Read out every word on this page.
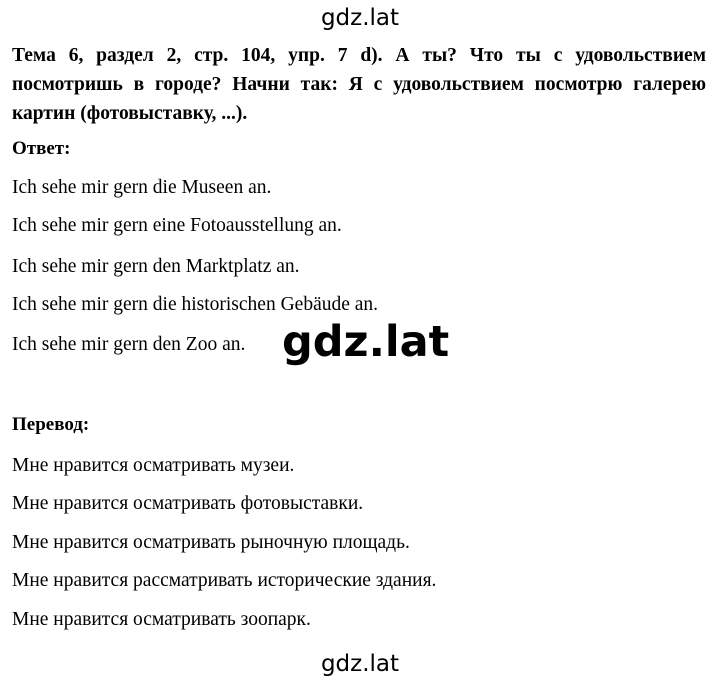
gdz.lat
Тема 6, раздел 2, стр. 104, упр. 7 d). А ты? Что ты с удовольствием посмотришь в городе? Начни так: Я с удовольствием посмотрю галерею картин (фотовыставку, ...).
Ответ:
Ich sehe mir gern die Museen an.
Ich sehe mir gern eine Fotoausstellung an.
Ich sehe mir gern den Marktplatz an.
Ich sehe mir gern die historischen Gebäude an.
Ich sehe mir gern den Zoo an. gdz.lat
Перевод:
Мне нравится осматривать музеи.
Мне нравится осматривать фотовыставки.
Мне нравится осматривать рыночную площадь.
Мне нравится рассматривать исторические здания.
Мне нравится осматривать зоопарк.
gdz.lat
